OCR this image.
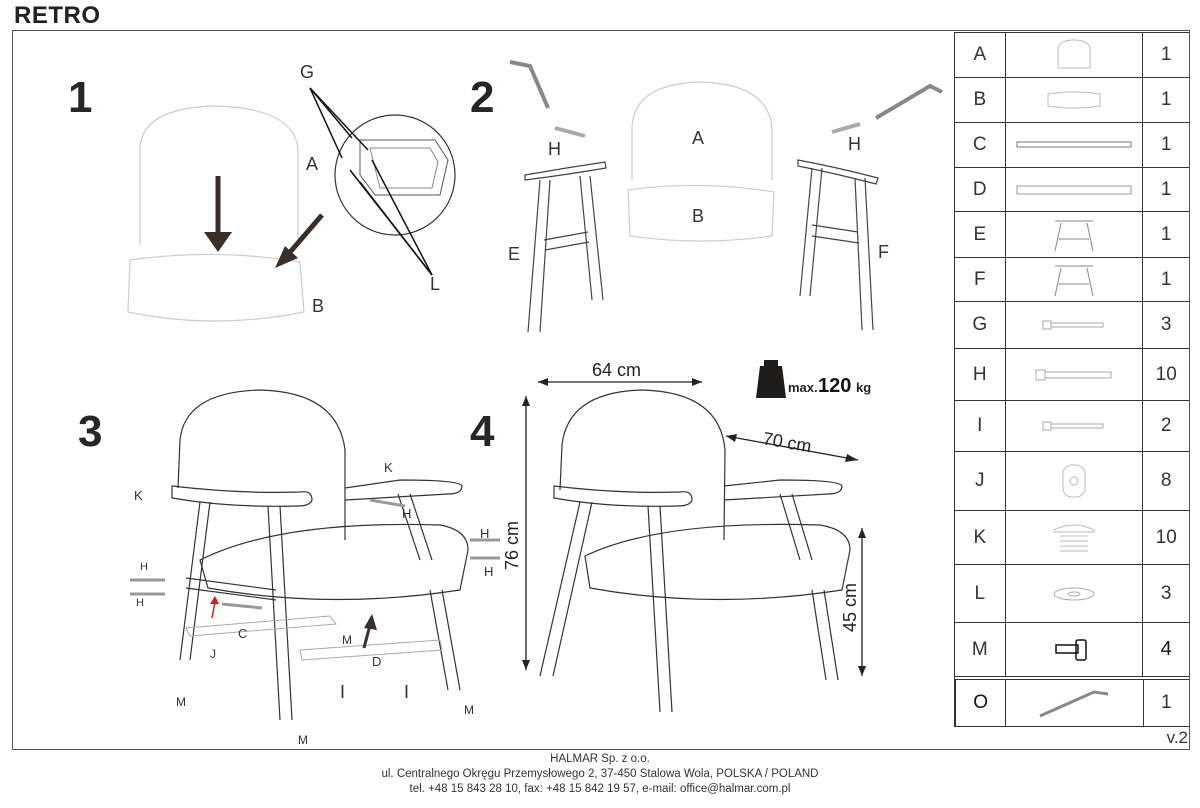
RETRO
1
G
A
L
B
2
H
E
A
B
H
F
3
K
K
H
H
H
H
H
C
D
J
I	I
M
M
M
M
4
64 cm
70 cm
76 cm
45 cm
max. 120 kg
A	1
B	1
C	1
D	1
E	1
F	1
G	3
H	10
I	2
J	8
K	10
L	3
M	4
O	1
v.2
HALMAR Sp. z o.o.
ul. Centralnego Okręgu Przemysłowego 2, 37-450 Stalowa Wola, POLSKA / POLAND
tel. +48 15 843 28 10, fax: +48 15 842 19 57, e-mail: office@halmar.com.pl
